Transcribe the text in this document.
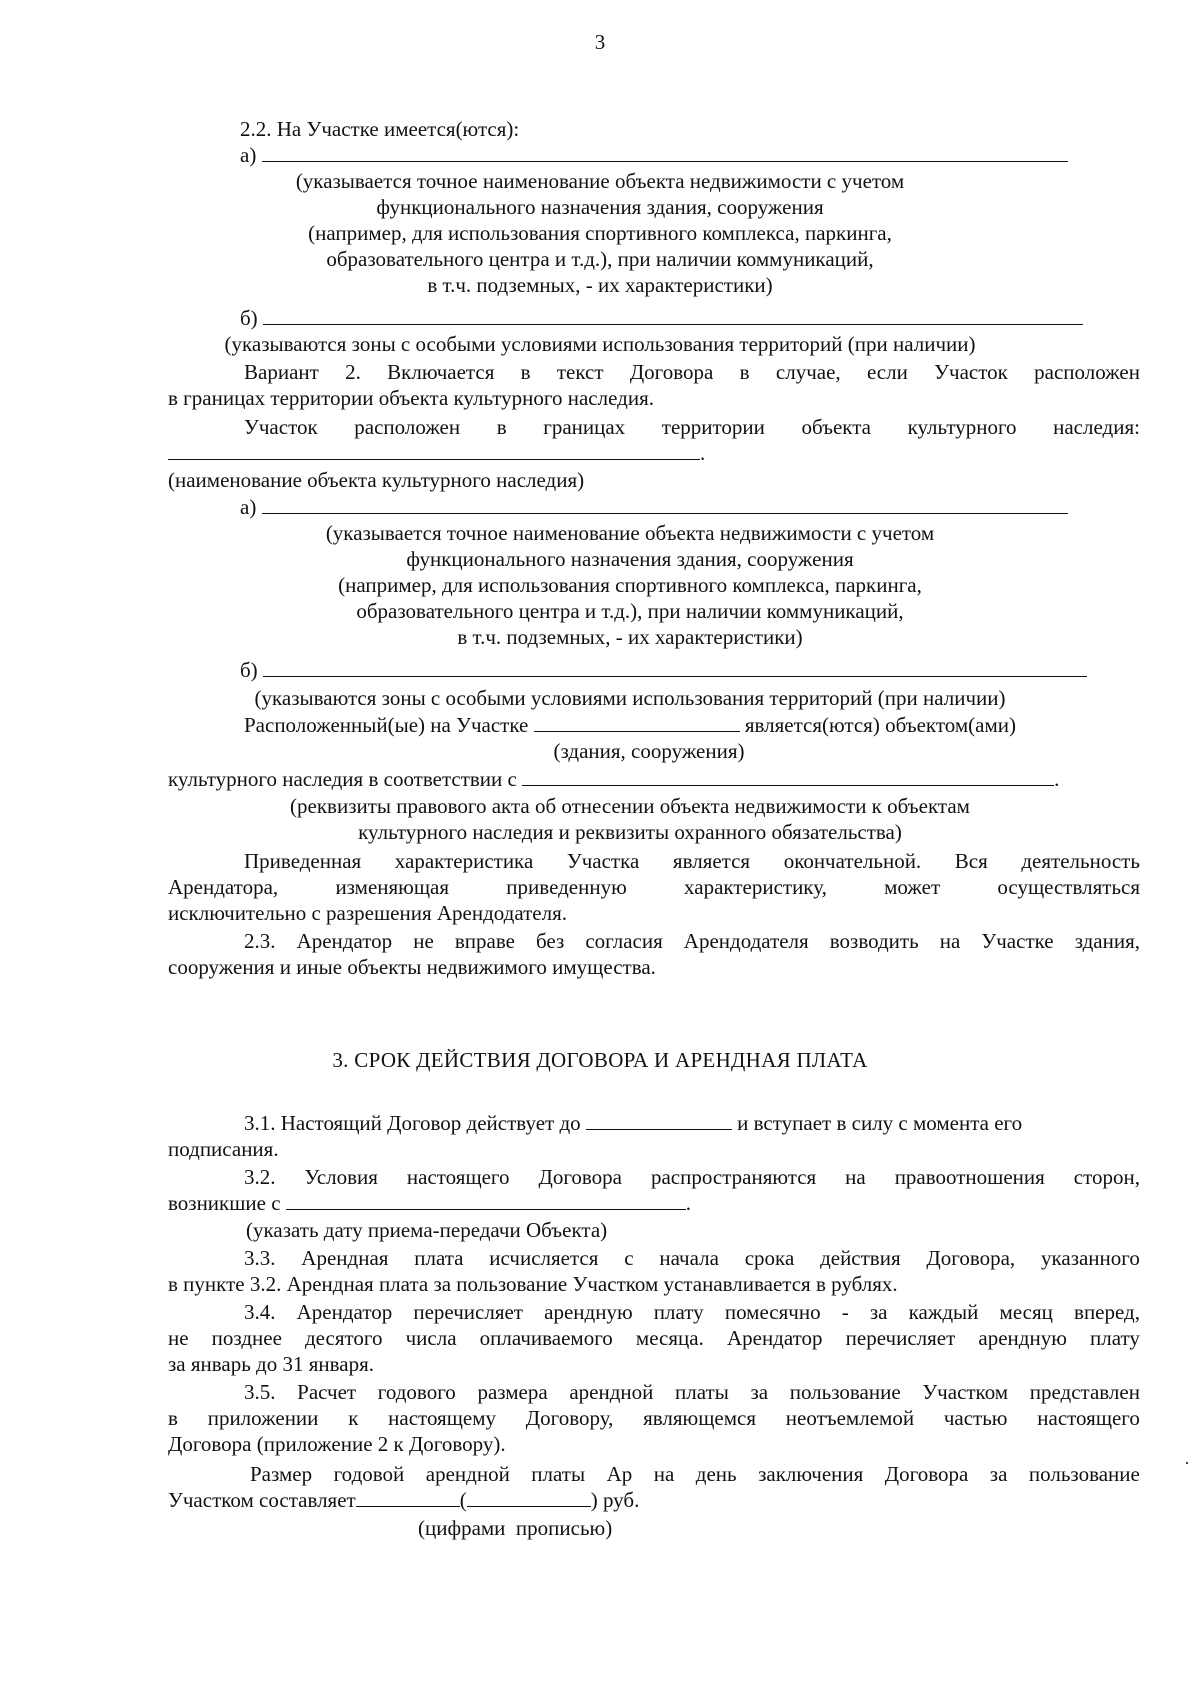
3
2.2. На Участке имеется(ются):
а)
(указывается точное наименование объекта недвижимости с учетом
функционального назначения здания, сооружения
(например, для использования спортивного комплекса, паркинга,
образовательного центра и т.д.), при наличии коммуникаций,
в т.ч. подземных, - их характеристики)
б)
(указываются зоны с особыми условиями использования территорий (при наличии)
Вариант 2. Включается в текст Договора в случае, если Участок расположен
в границах территории объекта культурного наследия.
Участок расположен в границах территории объекта культурного наследия:
.
(наименование объекта культурного наследия)
а)
(указывается точное наименование объекта недвижимости с учетом
функционального назначения здания, сооружения
(например, для использования спортивного комплекса, паркинга,
образовательного центра и т.д.), при наличии коммуникаций,
в т.ч. подземных, - их характеристики)
б)
(указываются зоны с особыми условиями использования территорий (при наличии)
Расположенный(ые) на Участке	является(ются) объектом(ами)
(здания, сооружения)
культурного наследия в соответствии с	.
(реквизиты правового акта об отнесении объекта недвижимости к объектам
культурного наследия и реквизиты охранного обязательства)
Приведенная характеристика Участка является окончательной. Вся деятельность
Арендатора,	изменяющая	приведенную	характеристику,	может	осуществляться
исключительно с разрешения Арендодателя.
2.3. Арендатор не вправе без согласия Арендодателя возводить на Участке здания,
сооружения и иные объекты недвижимого имущества.
3. СРОК ДЕЙСТВИЯ ДОГОВОРА И АРЕНДНАЯ ПЛАТА
3.1. Настоящий Договор действует до	и вступает в силу с момента его
подписания.
3.2. Условия настоящего Договора распространяются на правоотношения сторон,
возникшие с	.
(указать дату приема-передачи Объекта)
3.3. Арендная плата исчисляется с начала срока действия Договора, указанного
в пункте 3.2. Арендная плата за пользование Участком устанавливается в рублях.
3.4. Арендатор перечисляет арендную плату помесячно - за каждый месяц вперед,
не позднее десятого числа оплачиваемого месяца. Арендатор перечисляет арендную плату
за январь до 31 января.
3.5. Расчет годового размера арендной платы за пользование Участком представлен
в приложении к настоящему Договору, являющемся неотъемлемой частью настоящего
Договора (приложение 2 к Договору).
Размер годовой арендной платы Ар на день заключения Договора за пользование
Участком составляет	(	) руб.
(цифрами  прописью)
